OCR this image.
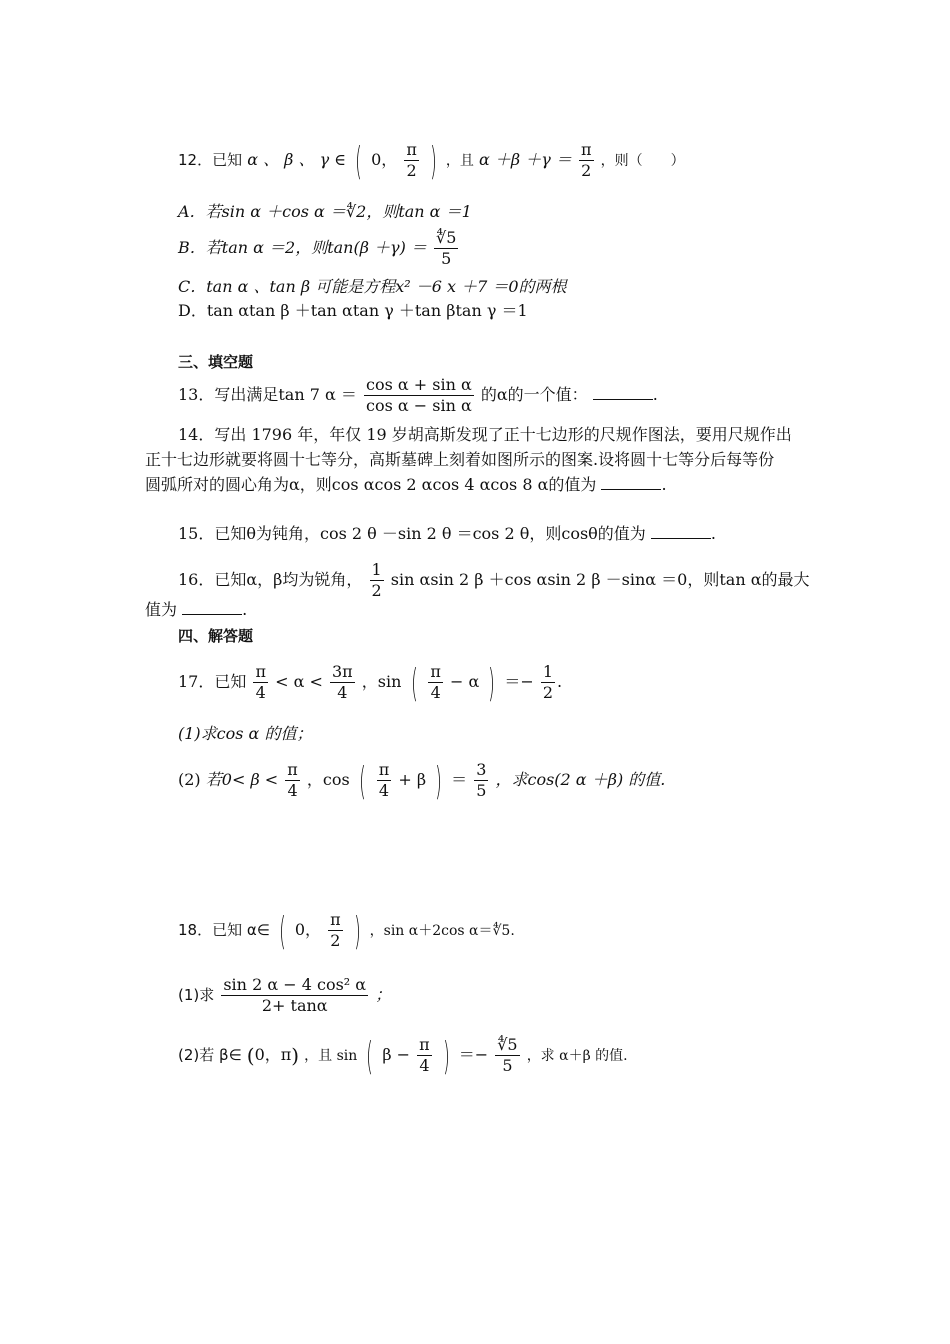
12．已知 α 、 β 、 γ ∈ ( 0， $\frac{\pi}{2}$ ) ，且 $\alpha +\beta +\gamma = \frac{\pi}{2}$ ，则（　　）
A．若sin α ＋cos α ＝∜2，则tan α ＝1
B．若tan α ＝2，则$\tan(\beta +\gamma) = \frac{∜5}{5}$
C．tan α 、tan β 可能是方程x² －6 x ＋7 ＝0的两根
D．tan αtan β ＋tan αtan γ ＋tan βtan γ ＝1
三、填空题
13．写出满足tan 7 $\alpha = \frac{\text{cos α + sin α}}{\text{cos α − sin α}}$ 的α的一个值：	.
14．写出 1796 年，年仅 19 岁胡高斯发现了正十七边形的尺规作图法，要用尺规作出
正十七边形就要将圆十七等分，高斯墓碑上刻着如图所示的图案.设将圆十七等分后每等份
圆弧所对的圆心角为α，则cos αcos 2 αcos 4 αcos 8 α的值为	.
15．已知θ为钝角，cos 2 θ －sin 2 θ ＝cos 2 θ，则cosθ的值为	.
16．已知α，β均为锐角， $\frac{1}{2}$ sin αsin 2 β ＋cos αsin 2 β －sinα ＝0，则tan α的最大
值为	.
四、解答题
17．已知 $\frac{\pi}{4} < \alpha < \frac{3\pi}{4}$ ，sin ( $\frac{\pi}{4} - \alpha$ ) ＝− $\frac{1}{2}$ .
(1)求cos α 的值；
(2) 若$0< \beta < \frac{\pi}{4}$ ，cos ( $\frac{\pi}{4} + \beta$ ) ＝ $\frac{3}{5}$ ，求cos(2 α ＋β) 的值.
18．已知 α∈ ( 0， $\frac{\pi}{2}$ ) ，sin α＋2cos α＝∜5.
(1)求 $\frac{\text{sin 2 α − 4 cos² α}}{2+ \tan\alpha}$ ；
(2)若 β∈ (0，π) ，且 sin ( $\beta - \frac{\pi}{4}$ ) ＝− $\frac{∜5}{5}$ ，求 α＋β 的值.
